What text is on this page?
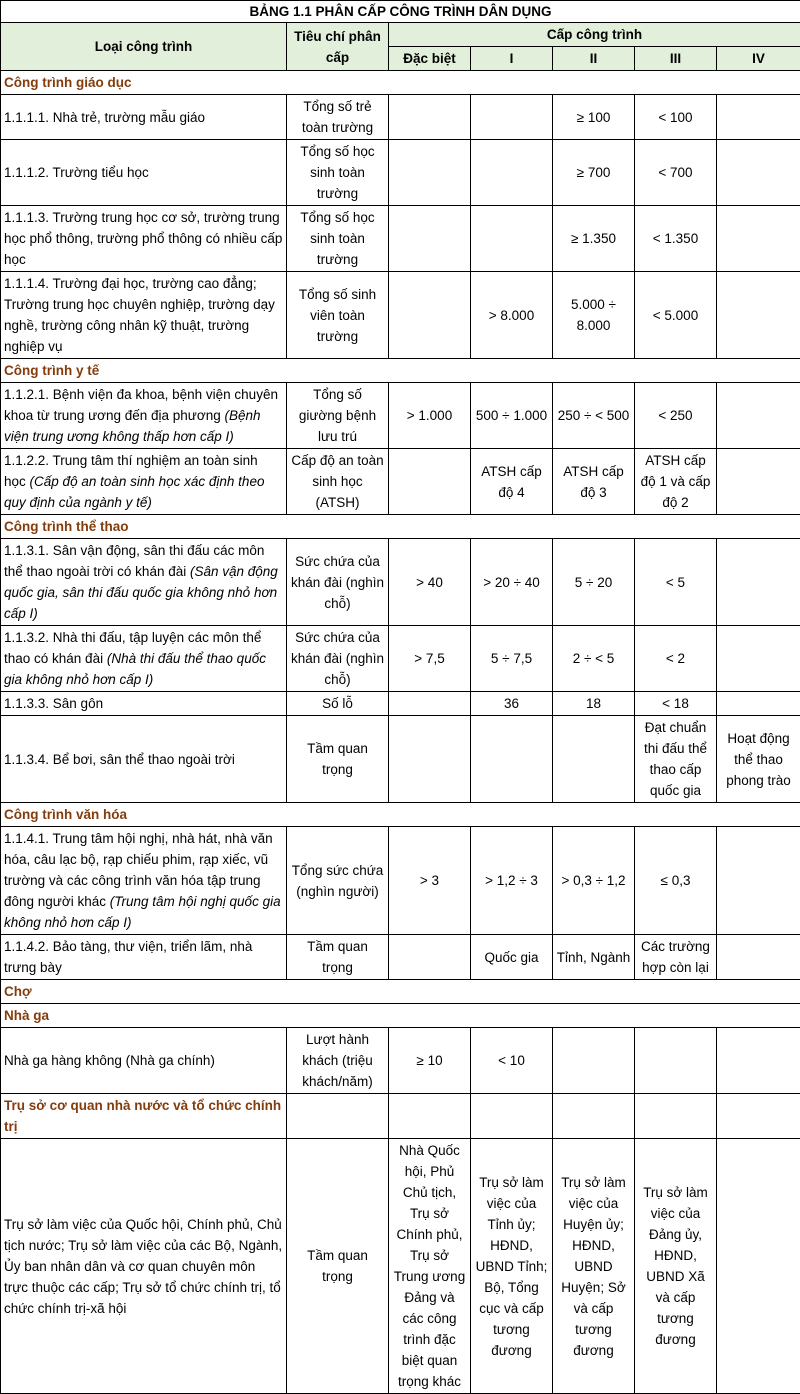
BẢNG 1.1 PHÂN CẤP CÔNG TRÌNH DÂN DỤNG						
Loại công trình	Tiêu chí phân cấp	Cấp công trình				
		Đặc biệt	I	II	III	IV
Công trình giáo dục						
1.1.1.1. Nhà trẻ, trường mẫu giáo	Tổng số trẻ toàn trường			≥ 100	< 100	
1.1.1.2. Trường tiểu học	Tổng số học sinh toàn trường			≥ 700	< 700	
1.1.1.3. Trường trung học cơ sở, trường trung học phổ thông, trường phổ thông có nhiều cấp học	Tổng số học sinh toàn trường			≥ 1.350	< 1.350	
1.1.1.4. Trường đại học, trường cao đẳng; Trường trung học chuyên nghiệp, trường dạy nghề, trường công nhân kỹ thuật, trường nghiệp vụ	Tổng số sinh viên toàn trường		> 8.000	5.000 ÷ 8.000	< 5.000	
Công trình y tế						
1.1.2.1. Bệnh viện đa khoa, bệnh viện chuyên khoa từ trung ương đến địa phương (Bệnh viện trung ương không thấp hơn cấp I)	Tổng số giường bệnh lưu trú	> 1.000	500 ÷ 1.000	250 ÷ < 500	< 250	
1.1.2.2. Trung tâm thí nghiệm an toàn sinh học (Cấp độ an toàn sinh học xác định theo quy định của ngành y tế)	Cấp độ an toàn sinh học (ATSH)		ATSH cấp độ 4	ATSH cấp độ 3	ATSH cấp độ 1 và cấp độ 2	
Công trình thể thao						
1.1.3.1. Sân vận động, sân thi đấu các môn thể thao ngoài trời có khán đài (Sân vận động quốc gia, sân thi đấu quốc gia không nhỏ hơn cấp I)	Sức chứa của khán đài (nghìn chỗ)	> 40	> 20 ÷ 40	5 ÷ 20	< 5	
1.1.3.2. Nhà thi đấu, tập luyện các môn thể thao có khán đài (Nhà thi đấu thể thao quốc gia không nhỏ hơn cấp I)	Sức chứa của khán đài (nghìn chỗ)	> 7,5	5 ÷ 7,5	2 ÷ < 5	< 2	
1.1.3.3. Sân gôn	Số lỗ		36	18	< 18	
1.1.3.4. Bể bơi, sân thể thao ngoài trời	Tầm quan trọng				Đạt chuẩn thi đấu thể thao cấp quốc gia	Hoạt động thể thao phong trào
Công trình văn hóa						
1.1.4.1. Trung tâm hội nghị, nhà hát, nhà văn hóa, câu lạc bộ, rạp chiếu phim, rạp xiếc, vũ trường và các công trình văn hóa tập trung đông người khác (Trung tâm hội nghị quốc gia không nhỏ hơn cấp I)	Tổng sức chứa (nghìn người)	> 3	> 1,2 ÷ 3	> 0,3 ÷ 1,2	≤ 0,3	
1.1.4.2. Bảo tàng, thư viện, triển lãm, nhà trưng bày	Tầm quan trọng		Quốc gia	Tỉnh, Ngành	Các trường hợp còn lại	
Chợ						
Nhà ga						
Nhà ga hàng không (Nhà ga chính)	Lượt hành khách (triệu khách/năm)	≥ 10	< 10			
Trụ sở cơ quan nhà nước và tổ chức chính trị						
Trụ sở làm việc của Quốc hội, Chính phủ, Chủ tịch nước; Trụ sở làm việc của các Bộ, Ngành, Ủy ban nhân dân và cơ quan chuyên môn trực thuộc các cấp; Trụ sở tổ chức chính trị, tổ chức chính trị-xã hội	Tầm quan trọng	Nhà Quốc hội, Phủ Chủ tịch, Trụ sở Chính phủ, Trụ sở Trung ương Đảng và các công trình đặc biệt quan trọng khác	Trụ sở làm việc của Tỉnh ủy; HĐND, UBND Tỉnh; Bộ, Tổng cục và cấp tương đương	Trụ sở làm việc của Huyện ủy; HĐND, UBND Huyện; Sở và cấp tương đương	Trụ sở làm việc của Đảng ủy, HĐND, UBND Xã và cấp tương đương	
